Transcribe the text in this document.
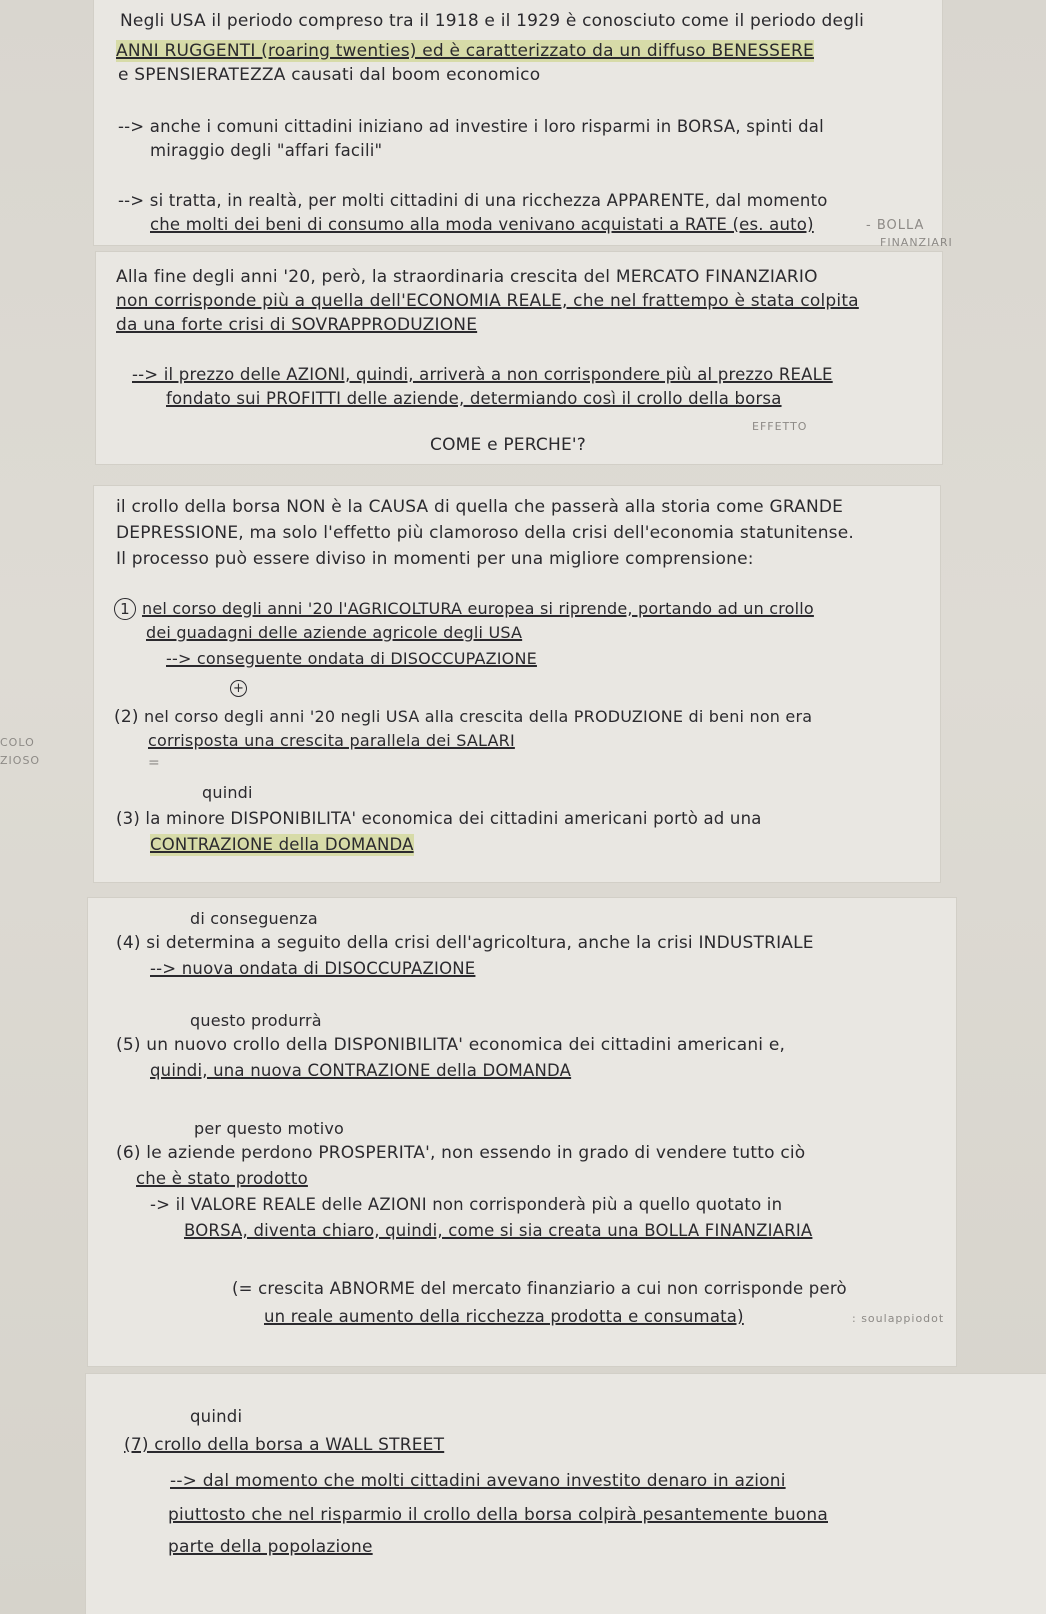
Negli USA il periodo compreso tra il 1918 e il 1929 è conosciuto come il periodo degli
ANNI RUGGENTI (roaring twenties) ed è caratterizzato da un diffuso BENESSERE
e SPENSIERATEZZA causati dal boom economico
--> anche i comuni cittadini iniziano ad investire i loro risparmi in BORSA, spinti dal
miraggio degli "affari facili"
--> si tratta, in realtà, per molti cittadini di una ricchezza APPARENTE, dal momento
che molti dei beni di consumo alla moda venivano acquistati a RATE (es. auto)	- BOLLA
FINANZIARI
Alla fine degli anni '20, però, la straordinaria crescita del MERCATO FINANZIARIO
non corrisponde più a quella dell'ECONOMIA REALE, che nel frattempo è stata colpita
da una forte crisi di SOVRAPPRODUZIONE
--> il prezzo delle AZIONI, quindi, arriverà a non corrispondere più al prezzo REALE
fondato sui PROFITTI delle aziende, determiando così il crollo della borsa
EFFETTO
COME e PERCHE'?
il crollo della borsa NON è la CAUSA di quella che passerà alla storia come GRANDE
DEPRESSIONE, ma solo l'effetto più clamoroso della crisi dell'economia statunitense.
Il processo può essere diviso in momenti per una migliore comprensione:
1 nel corso degli anni '20 l'AGRICOLTURA europea si riprende, portando ad un crollo
dei guadagni delle aziende agricole degli USA
--> conseguente ondata di DISOCCUPAZIONE
+
(2) nel corso degli anni '20 negli USA alla crescita della PRODUZIONE di beni non era
corrisposta una crescita parallela dei SALARI
COLO
ZIOSO	=
quindi
(3) la minore DISPONIBILITA' economica dei cittadini americani portò ad una
CONTRAZIONE della DOMANDA
di conseguenza
(4) si determina a seguito della crisi dell'agricoltura, anche la crisi INDUSTRIALE
--> nuova ondata di DISOCCUPAZIONE
questo produrrà
(5) un nuovo crollo della DISPONIBILITA' economica dei cittadini americani e,
quindi, una nuova CONTRAZIONE della DOMANDA
per questo motivo
(6) le aziende perdono PROSPERITA', non essendo in grado di vendere tutto ciò
che è stato prodotto
-> il VALORE REALE delle AZIONI non corrisponderà più a quello quotato in
BORSA, diventa chiaro, quindi, come si sia creata una BOLLA FINANZIARIA
(= crescita ABNORME del mercato finanziario a cui non corrisponde però
un reale aumento della ricchezza prodotta e consumata)	: soulappiodot
quindi
(7) crollo della borsa a WALL STREET
--> dal momento che molti cittadini avevano investito denaro in azioni
piuttosto che nel risparmio il crollo della borsa colpirà pesantemente buona
parte della popolazione
